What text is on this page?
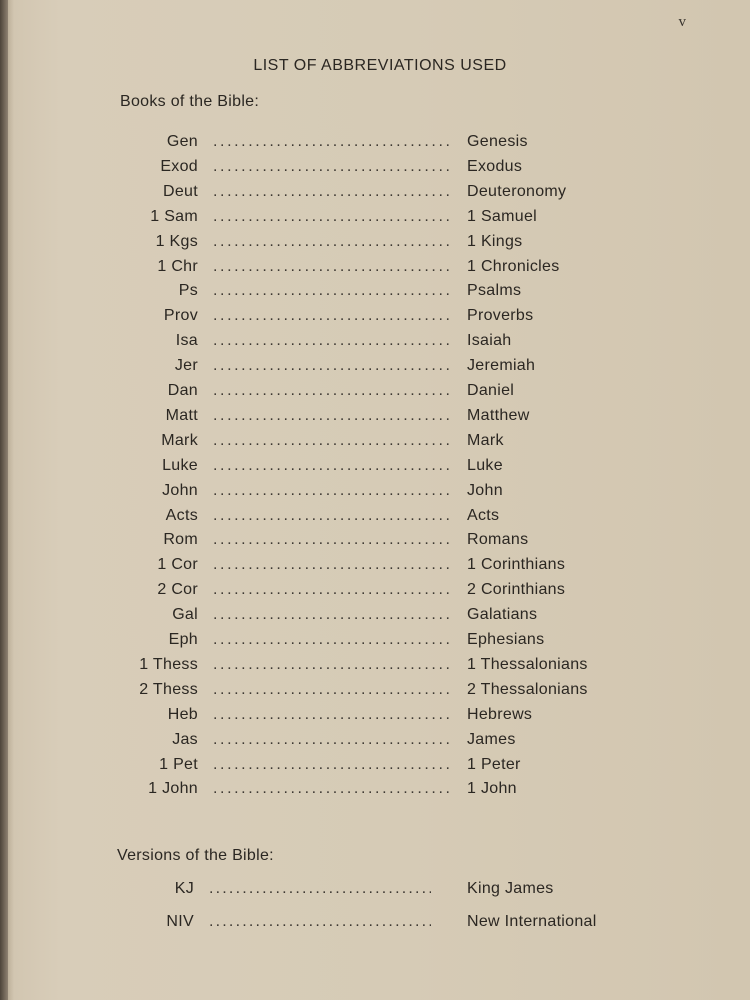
v
LIST OF ABBREVIATIONS USED
Books of the Bible:
Versions of the Bible:
Gen .....	Genesis
Exod .....	Exodus
Deut .....	Deuteronomy
1 Sam .....	1 Samuel
1 Kgs .....	1 Kings
1 Chr .....	1 Chronicles
Ps .....	Psalms
Prov .....	Proverbs
Isa .....	Isaiah
Jer .....	Jeremiah
Dan .....	Daniel
Matt .....	Matthew
Mark .....	Mark
Luke .....	Luke
John .....	John
Acts .....	Acts
Rom .....	Romans
1 Cor .....	1 Corinthians
2 Cor .....	2 Corinthians
Gal .....	Galatians
Eph .....	Ephesians
1 Thess .....	1 Thessalonians
2 Thess .....	2 Thessalonians
Heb .....	Hebrews
Jas .....	James
1 Pet .....	1 Peter
1 John .....	1 John
KJ .....	King James
NIV .....	New International
